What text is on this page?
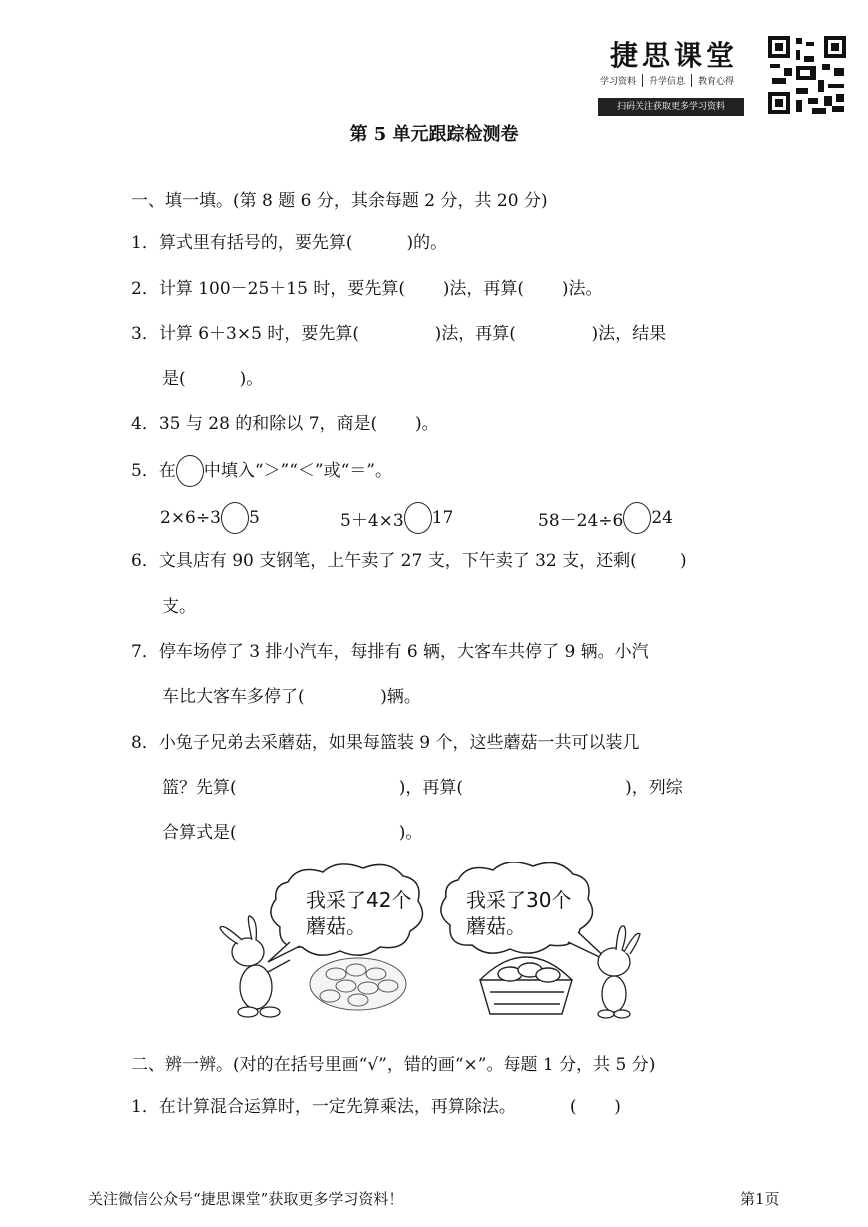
捷思课堂
学习资料	升学信息	教育心得
扫码关注获取更多学习资料
第 5 单元跟踪检测卷
一、填一填。(第 8 题 6 分，其余每题 2 分，共 20 分)
1．算式里有括号的，要先算(          )的。
2．计算 100－25＋15 时，要先算(       )法，再算(       )法。
3．计算 6＋3×5 时，要先算(              )法，再算(              )法，结果
是(          )。
4．35 与 28 的和除以 7，商是(       )。
5．在 中填入“＞”“＜”或“＝”。
2×6÷3 5	5＋4×3 17	58－24÷6 24
6．文具店有 90 支钢笔，上午卖了 27 支，下午卖了 32 支，还剩(        )
支。
7．停车场停了 3 排小汽车，每排有 6 辆，大客车共停了 9 辆。小汽
车比大客车多停了(              )辆。
8．小兔子兄弟去采蘑菇，如果每篮装 9 个，这些蘑菇一共可以装几
篮？先算(                              )，再算(                              )，列综
合算式是(                              )。
我采了42个
蘑菇。
我采了30个
蘑菇。
二、辨一辨。(对的在括号里画“√”，错的画“×”。每题 1 分，共 5 分)
1．在计算混合运算时，一定先算乘法，再算除法。          (       )
关注微信公众号“捷思课堂”获取更多学习资料！	第1页
